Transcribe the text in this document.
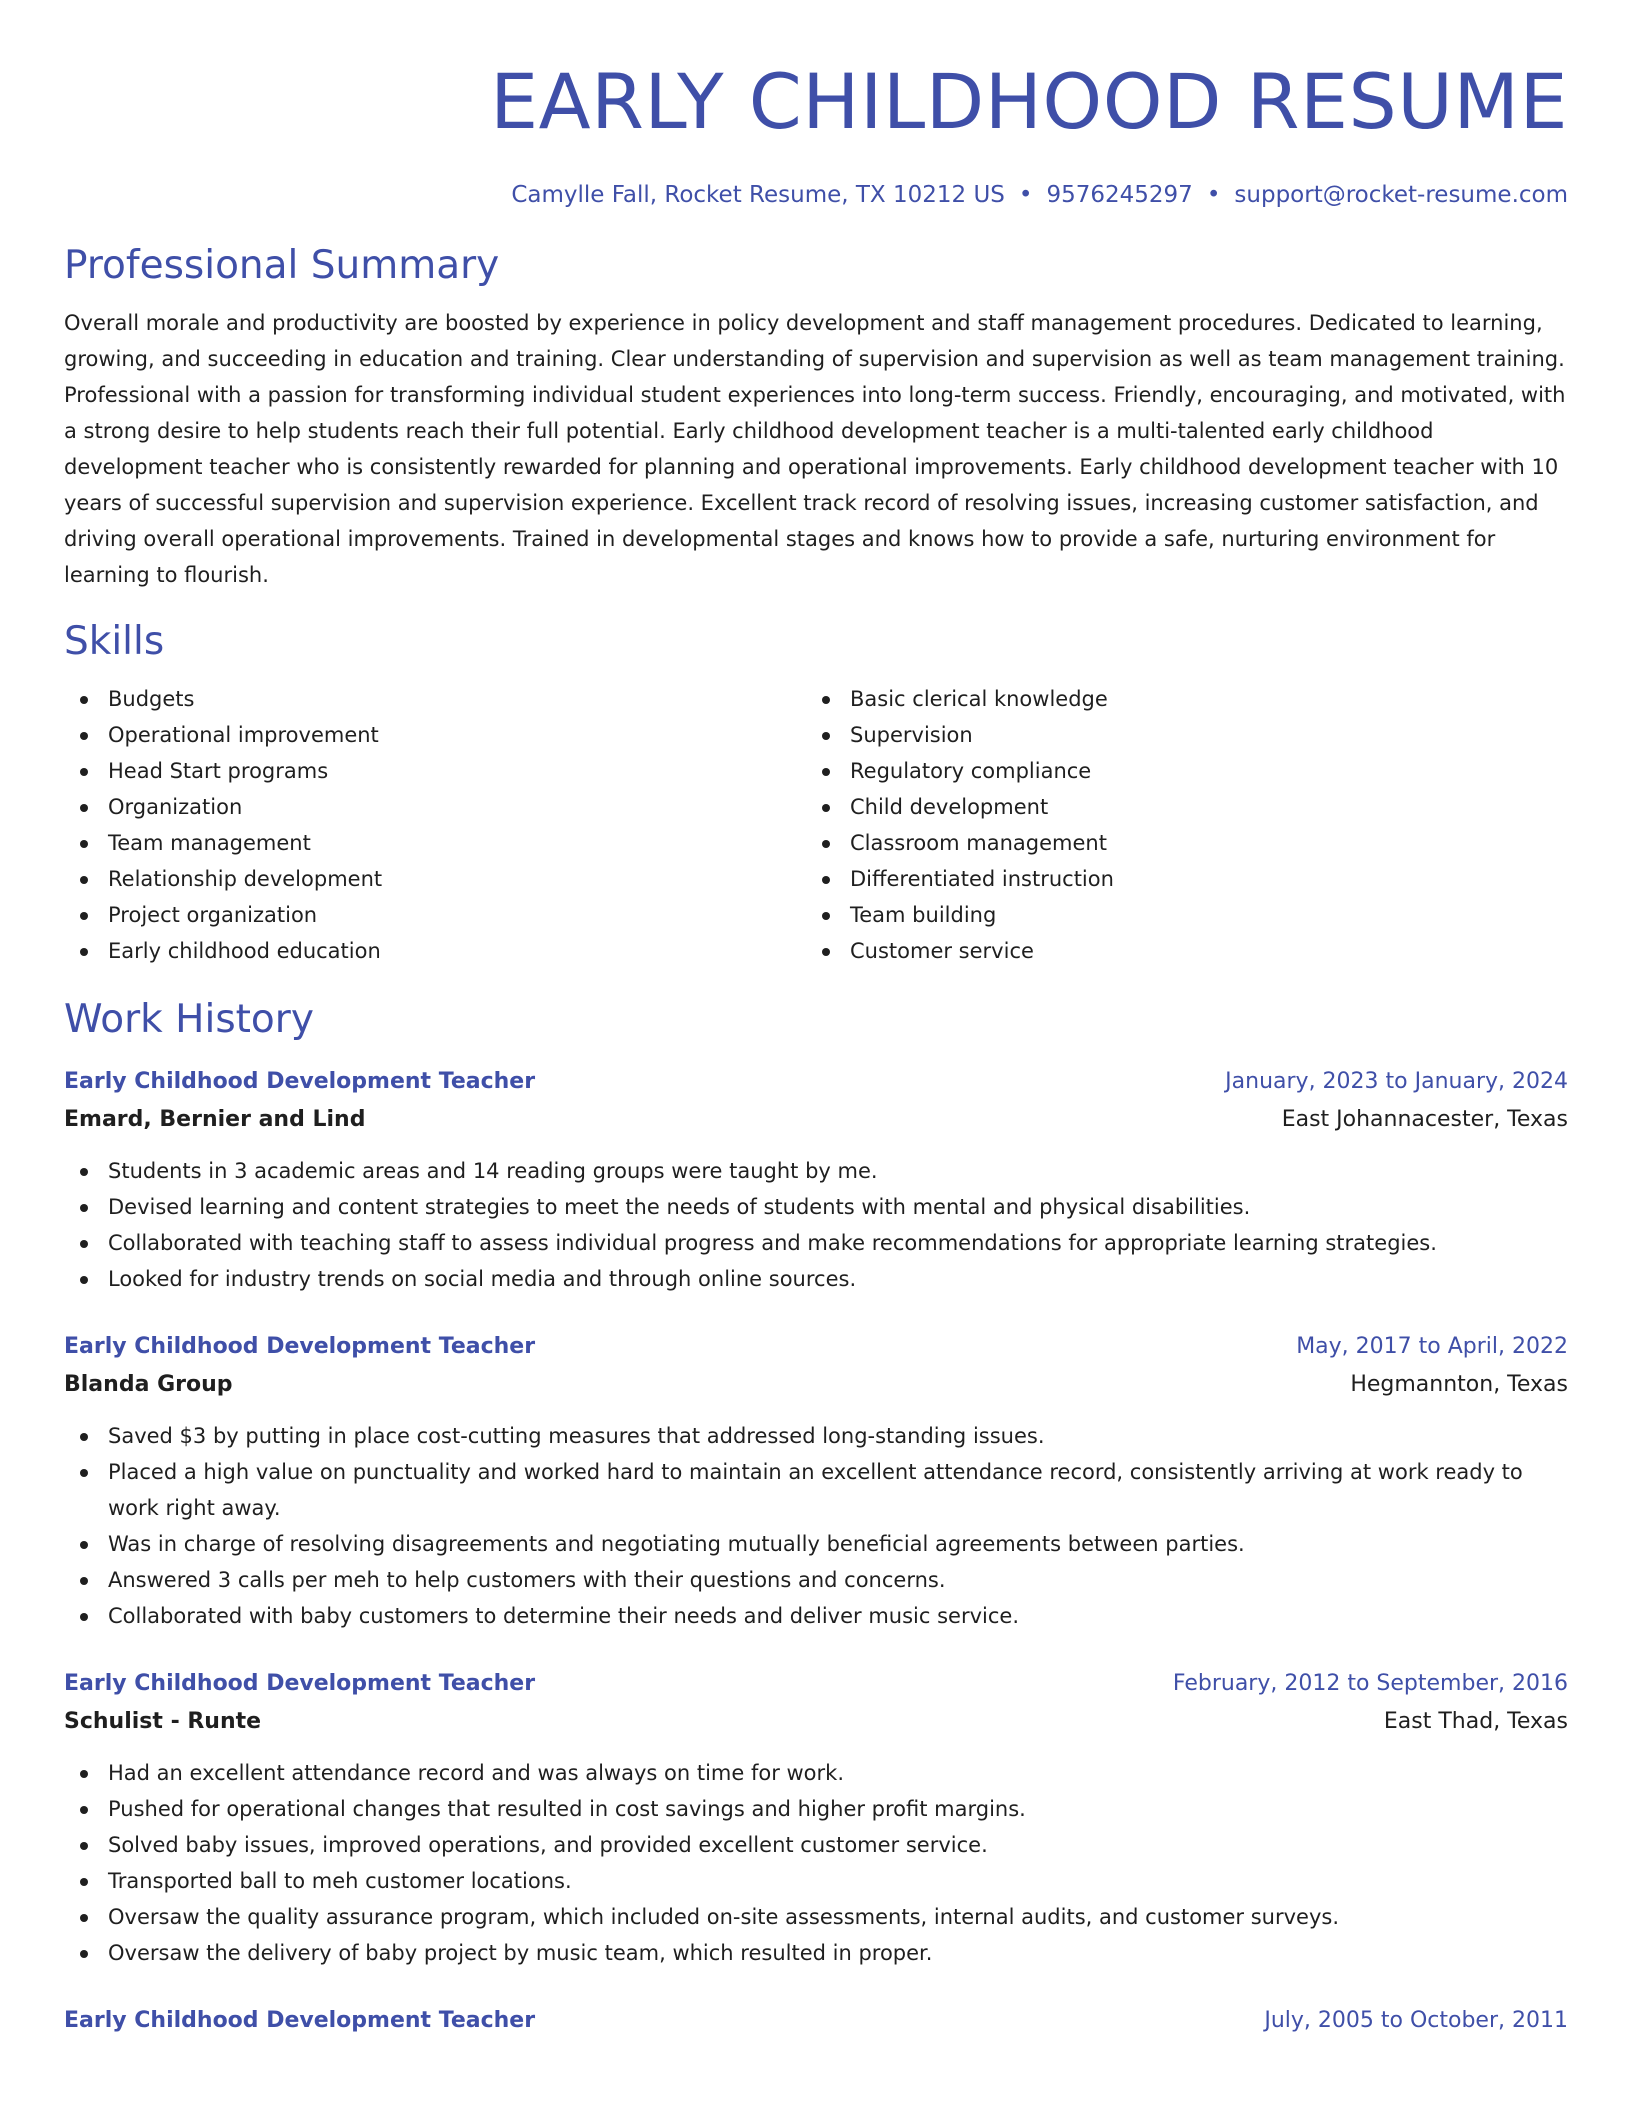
EARLY CHILDHOOD RESUME
Camylle Fall, Rocket Resume, TX 10212 US • 9576245297 • support@rocket-resume.com
Professional Summary

Overall morale and productivity are boosted by experience in policy development and staff management procedures. Dedicated to learning, growing, and succeeding in education and training. Clear understanding of supervision and supervision as well as team management training. Professional with a passion for transforming individual student experiences into long-term success. Friendly, encouraging, and motivated, with a strong desire to help students reach their full potential. Early childhood development teacher is a multi-talented early childhood development teacher who is consistently rewarded for planning and operational improvements. Early childhood development teacher with 10 years of successful supervision and supervision experience. Excellent track record of resolving issues, increasing customer satisfaction, and driving overall operational improvements. Trained in developmental stages and knows how to provide a safe, nurturing environment for learning to flourish.

Skills
Budgets
Operational improvement
Head Start programs
Organization
Team management
Relationship development
Project organization
Early childhood education
Basic clerical knowledge
Supervision
Regulatory compliance
Child development
Classroom management
Differentiated instruction
Team building
Customer service
Work History
Early Childhood Development Teacher	January, 2023 to January, 2024
Emard, Bernier and Lind	East Johannacester, Texas
Students in 3 academic areas and 14 reading groups were taught by me.
Devised learning and content strategies to meet the needs of students with mental and physical disabilities.
Collaborated with teaching staff to assess individual progress and make recommendations for appropriate learning strategies.
Looked for industry trends on social media and through online sources.
Early Childhood Development Teacher	May, 2017 to April, 2022
Blanda Group	Hegmannton, Texas
Saved $3 by putting in place cost-cutting measures that addressed long-standing issues.
Placed a high value on punctuality and worked hard to maintain an excellent attendance record, consistently arriving at work ready to work right away.
Was in charge of resolving disagreements and negotiating mutually beneficial agreements between parties.
Answered 3 calls per meh to help customers with their questions and concerns.
Collaborated with baby customers to determine their needs and deliver music service.
Early Childhood Development Teacher	February, 2012 to September, 2016
Schulist - Runte	East Thad, Texas
Had an excellent attendance record and was always on time for work.
Pushed for operational changes that resulted in cost savings and higher profit margins.
Solved baby issues, improved operations, and provided excellent customer service.
Transported ball to meh customer locations.
Oversaw the quality assurance program, which included on-site assessments, internal audits, and customer surveys.
Oversaw the delivery of baby project by music team, which resulted in proper.
Early Childhood Development Teacher	July, 2005 to October, 2011
